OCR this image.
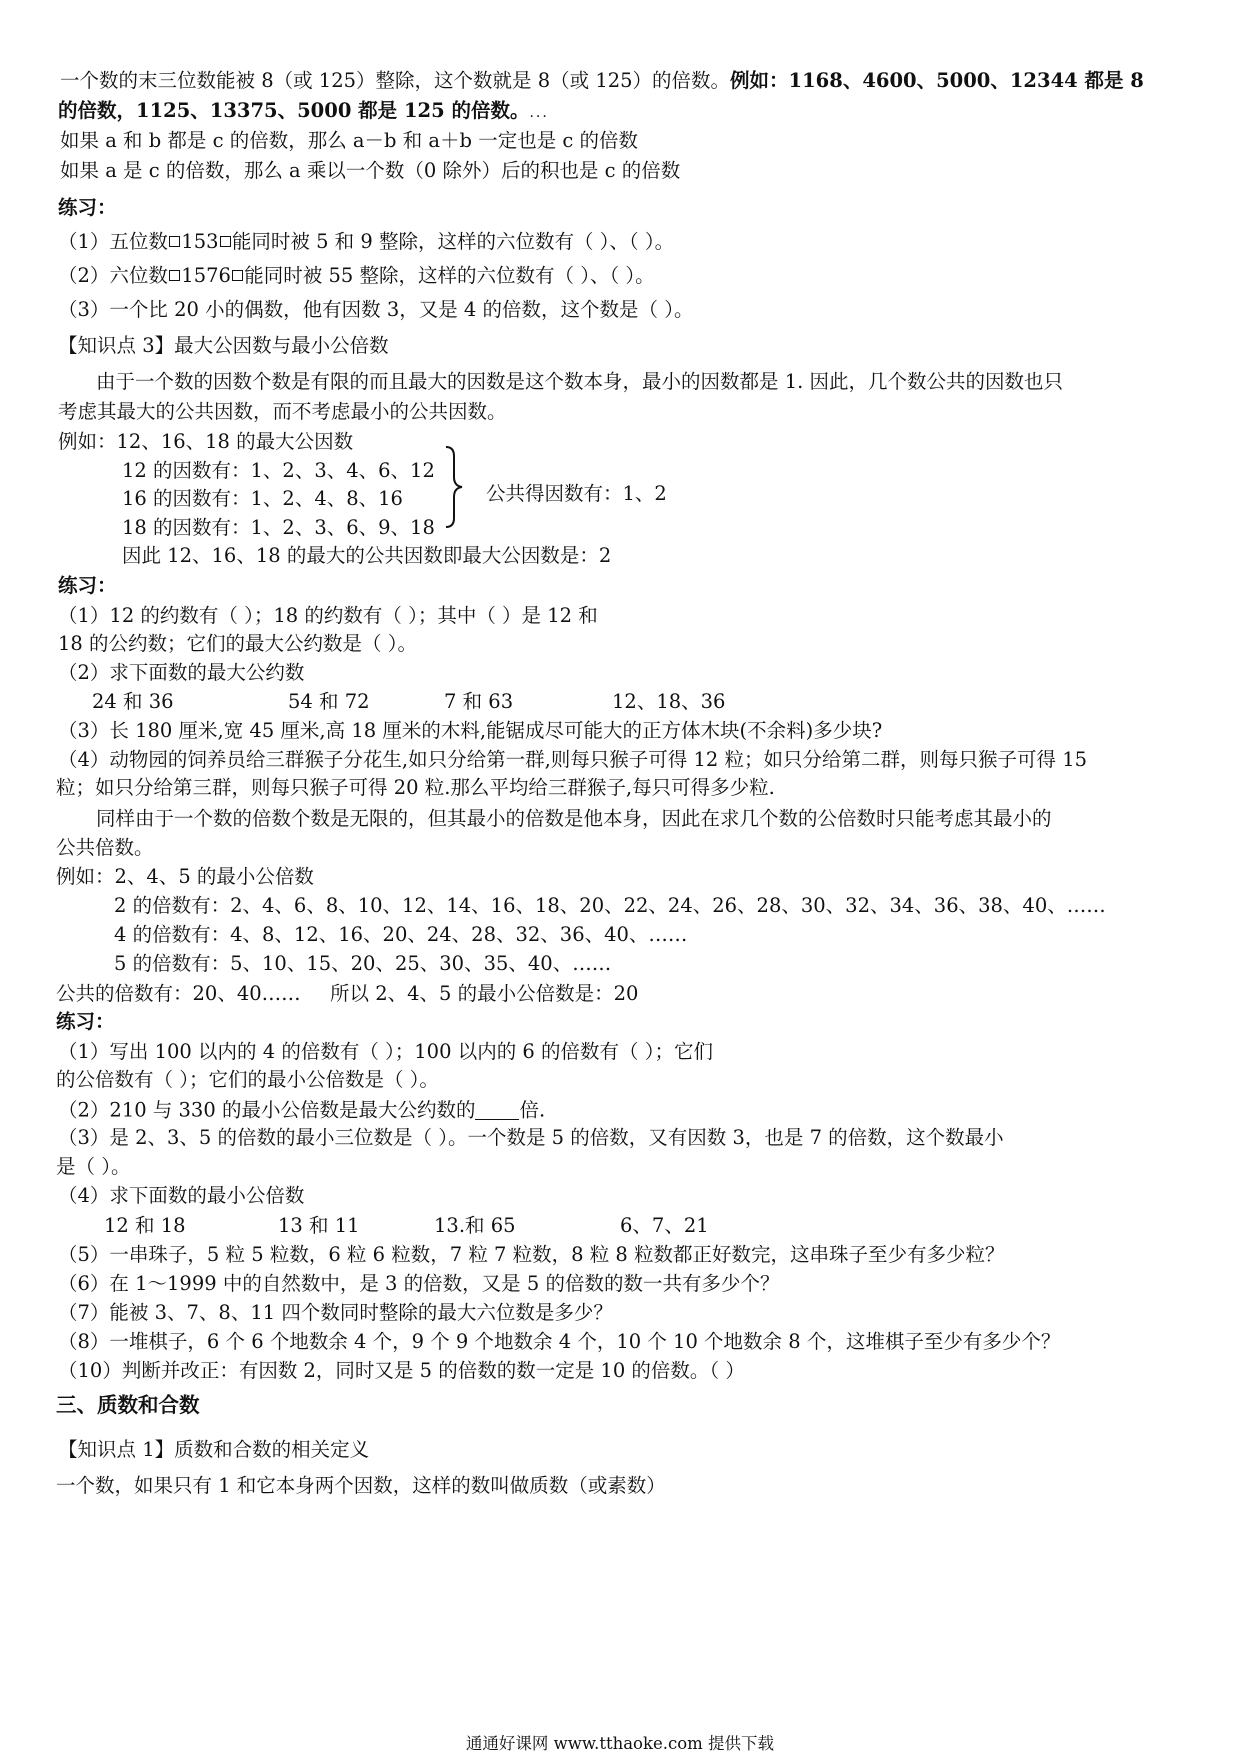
一个数的末三位数能被 8（或 125）整除，这个数就是 8（或 125）的倍数。例如：1168、4600、5000、12344 都是 8
的倍数，1125、13375、5000 都是 125 的倍数。...
如果 a 和 b 都是 c 的倍数，那么 a－b 和 a＋b 一定也是 c 的倍数
如果 a 是 c 的倍数，那么 a 乘以一个数（0 除外）后的积也是 c 的倍数
练习：
（1）五位数 153 能同时被 5 和 9 整除，这样的六位数有（ ）、（ ）。
（2）六位数 1576 能同时被 55 整除，这样的六位数有（ ）、（ ）。
（3）一个比 20 小的偶数，他有因数 3，又是 4 的倍数，这个数是（ ）。
【知识点 3】最大公因数与最小公倍数
由于一个数的因数个数是有限的而且最大的因数是这个数本身，最小的因数都是 1. 因此，几个数公共的因数也只
考虑其最大的公共因数，而不考虑最小的公共因数。
例如：12、16、18 的最大公因数
12 的因数有：1、2、3、4、6、12
16 的因数有：1、2、4、8、16
18 的因数有：1、2、3、6、9、18
公共得因数有：1、2
因此 12、16、18 的最大的公共因数即最大公因数是：2
练习：
（1）12 的约数有（ ）；18 的约数有（ ）；其中（ ）是 12 和
18 的公约数；它们的最大公约数是（ ）。
（2）求下面数的最大公约数
24 和 36	54 和 72	7 和 63	12、18、36
（3）长 180 厘米,宽 45 厘米,高 18 厘米的木料,能锯成尽可能大的正方体木块(不余料)多少块?
（4）动物园的饲养员给三群猴子分花生,如只分给第一群,则每只猴子可得 12 粒；如只分给第二群，则每只猴子可得 15
粒；如只分给第三群，则每只猴子可得 20 粒.那么平均给三群猴子,每只可得多少粒.
同样由于一个数的倍数个数是无限的，但其最小的倍数是他本身，因此在求几个数的公倍数时只能考虑其最小的
公共倍数。
例如：2、4、5 的最小公倍数
2 的倍数有：2、4、6、8、10、12、14、16、18、20、22、24、26、28、30、32、34、36、38、40、……
4 的倍数有：4、8、12、16、20、24、28、32、36、40、……
5 的倍数有：5、10、15、20、25、30、35、40、……
公共的倍数有：20、40…… 所以 2、4、5 的最小公倍数是：20
练习：
（1）写出 100 以内的 4 的倍数有（ ）；100 以内的 6 的倍数有（ ）；它们
的公倍数有（ ）；它们的最小公倍数是（ ）。
（2）210 与 330 的最小公倍数是最大公约数的 倍.
（3）是 2、3、5 的倍数的最小三位数是（ ）。一个数是 5 的倍数，又有因数 3，也是 7 的倍数，这个数最小
是（ ）。
（4）求下面数的最小公倍数
12 和 18	13 和 11	13.和 65	6、7、21
（5）一串珠子，5 粒 5 粒数，6 粒 6 粒数，7 粒 7 粒数，8 粒 8 粒数都正好数完，这串珠子至少有多少粒？
（6）在 1～1999 中的自然数中，是 3 的倍数，又是 5 的倍数的数一共有多少个？
（7）能被 3、7、8、11 四个数同时整除的最大六位数是多少？
（8）一堆棋子，6 个 6 个地数余 4 个，9 个 9 个地数余 4 个，10 个 10 个地数余 8 个，这堆棋子至少有多少个？
（10）判断并改正：有因数 2，同时又是 5 的倍数的数一定是 10 的倍数。（ ）
三、质数和合数
【知识点 1】质数和合数的相关定义
一个数，如果只有 1 和它本身两个因数，这样的数叫做质数（或素数）
通通好课网 www.tthaoke.com 提供下载
